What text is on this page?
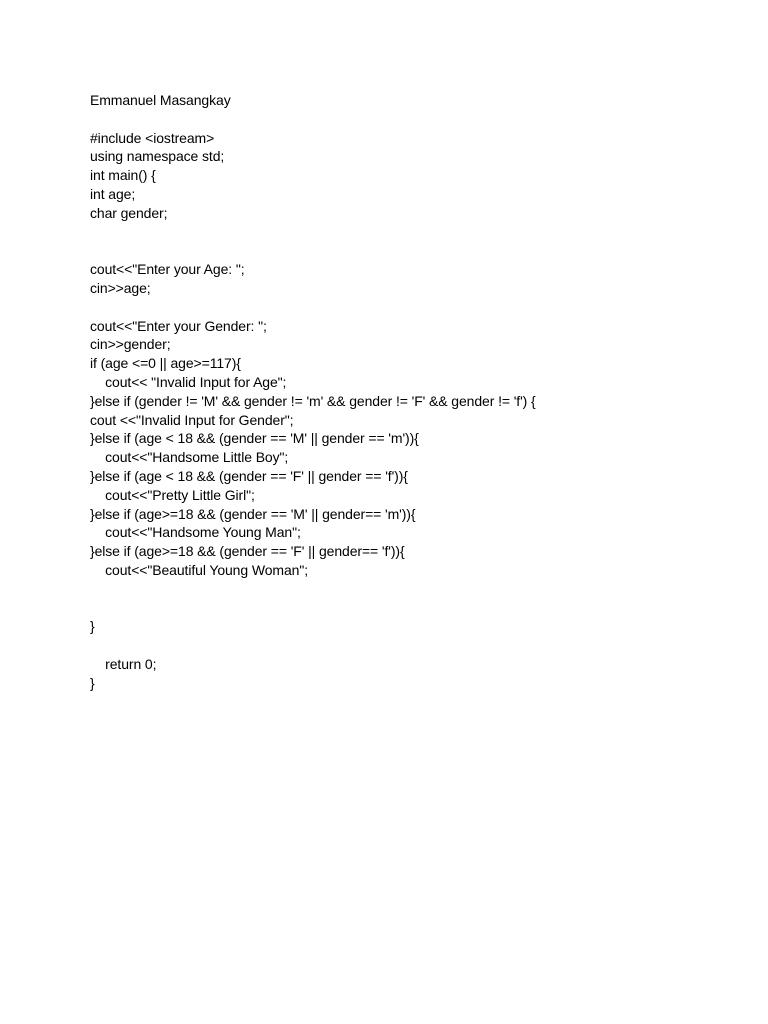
Emmanuel Masangkay
#include <iostream>
using namespace std;
int main() {
int age;
char gender;
cout<<"Enter your Age: ";
cin>>age;
cout<<"Enter your Gender: ";
cin>>gender;
if (age <=0 || age>=117){
cout<< "Invalid Input for Age";
}else if (gender != 'M' && gender != 'm' && gender != 'F' && gender != 'f') {
cout <<"Invalid Input for Gender";
}else if (age < 18 && (gender == 'M' || gender == 'm')){
cout<<"Handsome Little Boy";
}else if (age < 18 && (gender == 'F' || gender == 'f')){
cout<<"Pretty Little Girl";
}else if (age>=18 && (gender == 'M' || gender== 'm')){
cout<<"Handsome Young Man";
}else if (age>=18 && (gender == 'F' || gender== 'f')){
cout<<"Beautiful Young Woman";
}
return 0;
}
